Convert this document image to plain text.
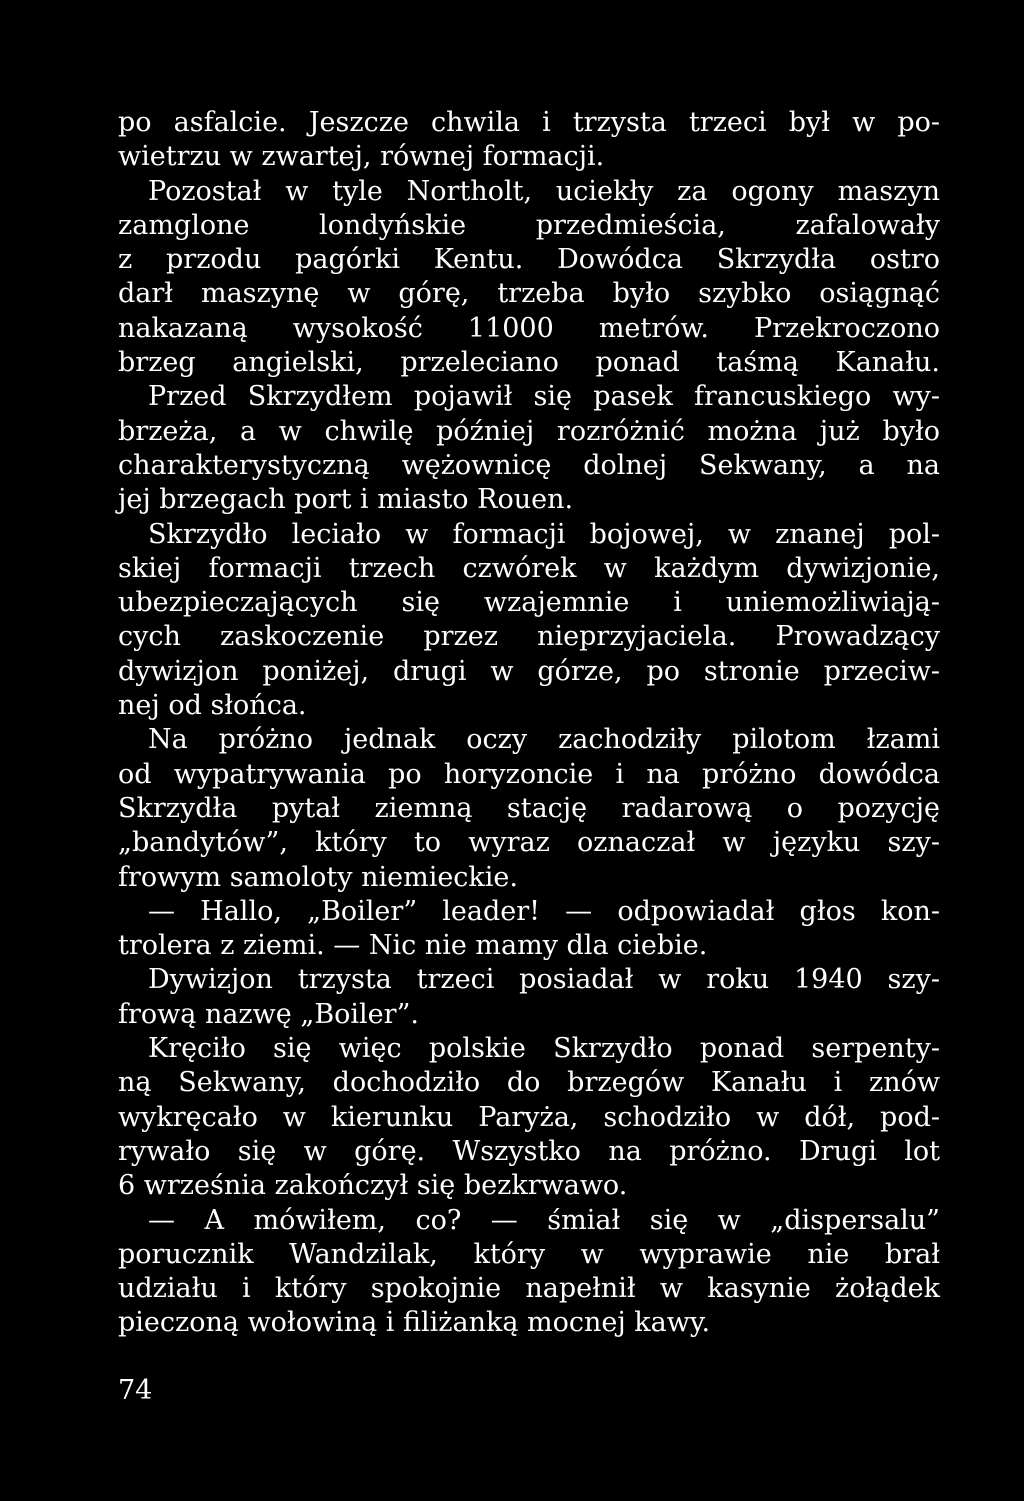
po asfalcie. Jeszcze chwila i trzysta trzeci był w po-
wietrzu w zwartej, równej formacji.
Pozostał w tyle Northolt, uciekły za ogony maszyn
zamglone londyńskie przedmieścia, zafalowały
z przodu pagórki Kentu. Dowódca Skrzydła ostro
darł maszynę w górę, trzeba było szybko osiągnąć
nakazaną wysokość 11000 metrów. Przekroczono
brzeg angielski, przeleciano ponad taśmą Kanału.
Przed Skrzydłem pojawił się pasek francuskiego wy-
brzeża, a w chwilę później rozróżnić można już było
charakterystyczną wężownicę dolnej Sekwany, a na
jej brzegach port i miasto Rouen.
Skrzydło leciało w formacji bojowej, w znanej pol-
skiej formacji trzech czwórek w każdym dywizjonie,
ubezpieczających się wzajemnie i uniemożliwiają-
cych zaskoczenie przez nieprzyjaciela. Prowadzący
dywizjon poniżej, drugi w górze, po stronie przeciw-
nej od słońca.
Na próżno jednak oczy zachodziły pilotom łzami
od wypatrywania po horyzoncie i na próżno dowódca
Skrzydła pytał ziemną stację radarową o pozycję
„bandytów”, który to wyraz oznaczał w języku szy-
frowym samoloty niemieckie.
— Hallo, „Boiler” leader! — odpowiadał głos kon-
trolera z ziemi. — Nic nie mamy dla ciebie.
Dywizjon trzysta trzeci posiadał w roku 1940 szy-
frową nazwę „Boiler”.
Kręciło się więc polskie Skrzydło ponad serpenty-
ną Sekwany, dochodziło do brzegów Kanału i znów
wykręcało w kierunku Paryża, schodziło w dół, pod-
rywało się w górę. Wszystko na próżno. Drugi lot
6 września zakończył się bezkrwawo.
— A mówiłem, co? — śmiał się w „dispersalu”
porucznik Wandzilak, który w wyprawie nie brał
udziału i który spokojnie napełnił w kasynie żołądek
pieczoną wołowiną i filiżanką mocnej kawy.
74
